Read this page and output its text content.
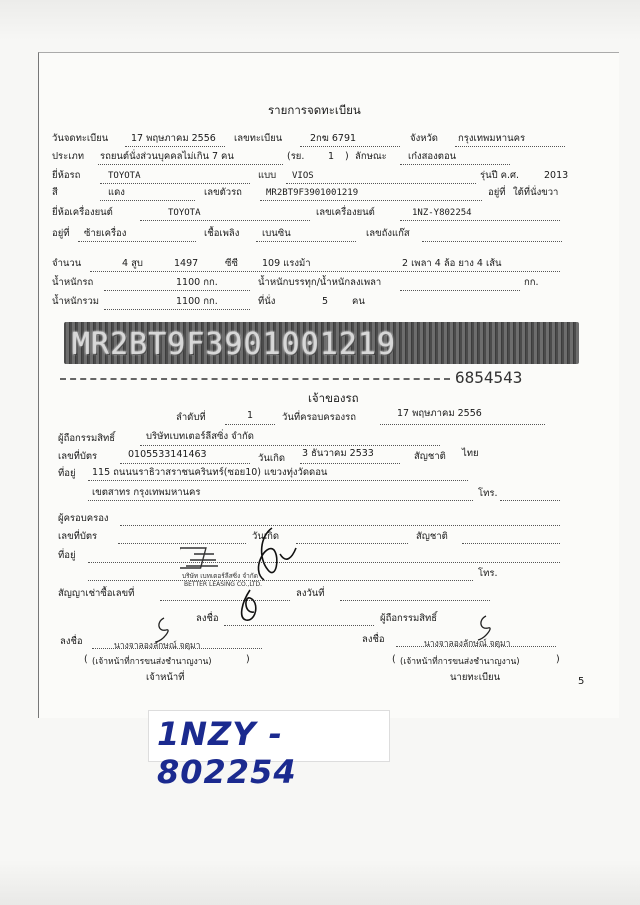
รายการจดทะเบียน
วันจดทะเบียน 17 พฤษภาคม 2556 เลขทะเบียน	2กฆ 6791	จังหวัด กรุงเทพมหานคร
ประเภท รถยนต์นั่งส่วนบุคคลไม่เกิน 7 คน	(รย. 1 ) ลักษณะ เก๋งสองตอน
ยี่ห้อรถ	TOYOTA	แบบ VIOS	รุ่นปี ค.ศ.	2013
สี	แดง	เลขตัวรถ	MR2BT9F3901001219	อยู่ที่ ใต้ที่นั่งขวา
ยี่ห้อเครื่องยนต์	TOYOTA	เลขเครื่องยนต์	1NZ-Y802254
อยู่ที่ ซ้ายเครื่อง	เชื้อเพลิง เบนซิน	เลขถังแก๊ส
จำนวน	4 สูบ	1497	ซีซี	109 แรงม้า	2 เพลา 4 ล้อ ยาง 4 เส้น
น้ำหนักรถ	1100 กก.	น้ำหนักบรรทุก/น้ำหนักลงเพลา	กก.
น้ำหนักรวม	1100 กก.	ที่นั่ง	5	คน
MR2BT9F3901001219
6854543
เจ้าของรถ
ลำดับที่	1	วันที่ครอบครองรถ	17 พฤษภาคม 2556
ผู้ถือกรรมสิทธิ์	บริษัทเบทเตอร์ลีสซิ่ง จำกัด
เลขที่บัตร	0105533141463	วันเกิด 3 ธันวาคม 2533	สัญชาติ ไทย
ที่อยู่ 115 ถนนนราธิวาสราชนครินทร์(ซอย10) แขวงทุ่งวัดดอน
เขตสาทร กรุงเทพมหานคร	โทร.
ผู้ครอบครอง
เลขที่บัตร	วันเกิด	สัญชาติ
ที่อยู่
โทร.
สัญญาเช่าซื้อเลขที่	ลงวันที่
บริษัท เบทเตอร์ลีสซิ่ง จำกัด
BETTER LEASING CO.,LTD.
ลงชื่อ	ผู้ถือกรรมสิทธิ์
ลงชื่อ	นางจาลองลักษณ์ จตุมา
( (เจ้าหน้าที่การขนส่งชำนาญงาน)	)
เจ้าหน้าที่
ลงชื่อ	นางจาลองลักษณ์ จตุมา
( (เจ้าหน้าที่การขนส่งชำนาญงาน)	)
นายทะเบียน	5
1NZY - 802254
